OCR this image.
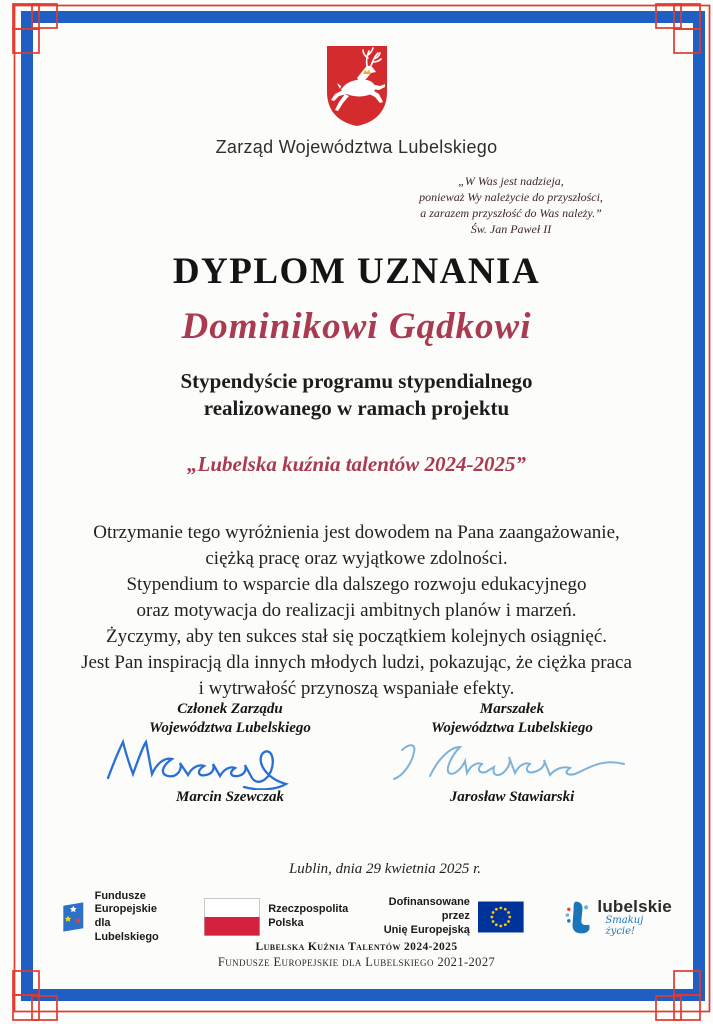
Zarząd Województwa Lubelskiego
„W Was jest nadzieja,
ponieważ Wy należycie do przyszłości,
a zarazem przyszłość do Was należy.”
Św. Jan Paweł II
DYPLOM UZNANIA
Dominikowi Gądkowi
Stypendyście programu stypendialnego
realizowanego w ramach projektu
„Lubelska kuźnia talentów 2024-2025”
Otrzymanie tego wyróżnienia jest dowodem na Pana zaangażowanie,
ciężką pracę oraz wyjątkowe zdolności.
Stypendium to wsparcie dla dalszego rozwoju edukacyjnego
oraz motywacja do realizacji ambitnych planów i marzeń.
Życzymy, aby ten sukces stał się początkiem kolejnych osiągnięć.
Jest Pan inspiracją dla innych młodych ludzi, pokazując, że ciężka praca
i wytrwałość przynoszą wspaniałe efekty.
Członek Zarządu
Województwa Lubelskiego
Marcin Szewczak
Marszałek
Województwa Lubelskiego
Jarosław Stawiarski
Lublin, dnia 29 kwietnia 2025 r.
Fundusze Europejskie
dla Lubelskiego
Rzeczpospolita
Polska
Dofinansowane przez
Unię Europejską
lubelskie
Smakuj życie!
Lubelska Kuźnia Talentów 2024-2025
Fundusze Europejskie dla Lubelskiego 2021-2027
